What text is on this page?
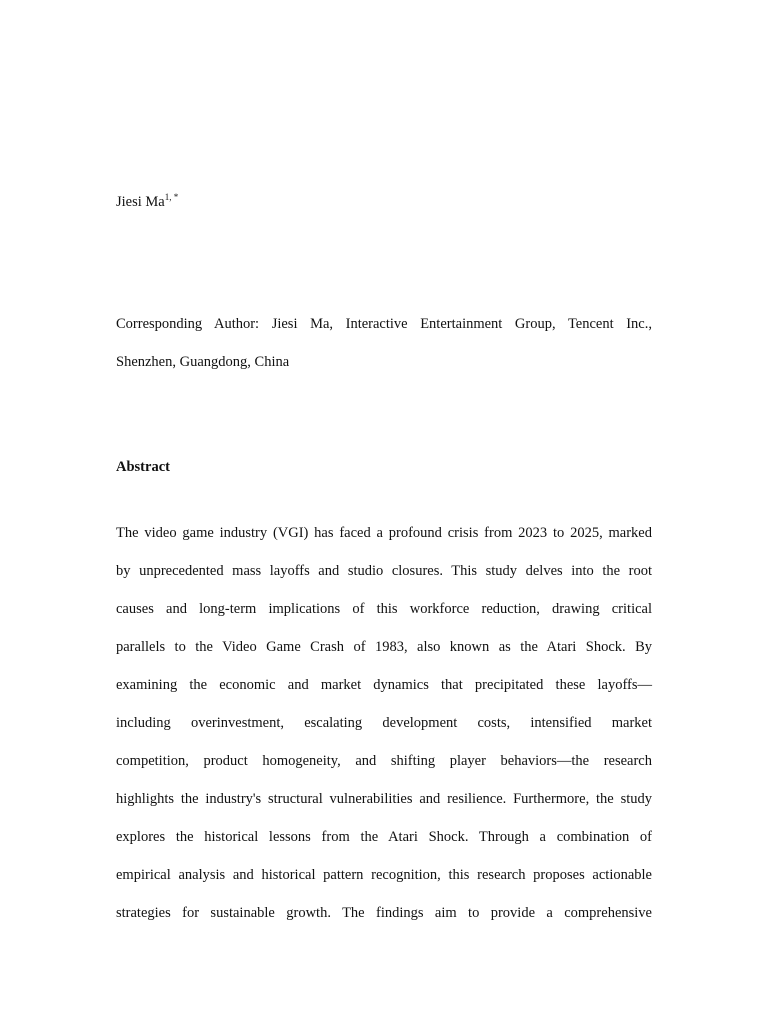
Jiesi $Ma^{1, *}$
Corresponding Author: Jiesi Ma, Interactive Entertainment Group, Tencent Inc.,
Shenzhen, Guangdong, China
Abstract
The video game industry (VGI) has faced a profound crisis from 2023 to 2025, marked
by unprecedented mass layoffs and studio closures. This study delves into the root
causes and long-term implications of this workforce reduction, drawing critical
parallels to the Video Game Crash of 1983, also known as the Atari Shock. By
examining the economic and market dynamics that precipitated these layoffs—
including overinvestment, escalating development costs, intensified market
competition, product homogeneity, and shifting player behaviors—the research
highlights the industry's structural vulnerabilities and resilience. Furthermore, the study
explores the historical lessons from the Atari Shock. Through a combination of
empirical analysis and historical pattern recognition, this research proposes actionable
strategies for sustainable growth. The findings aim to provide a comprehensive
